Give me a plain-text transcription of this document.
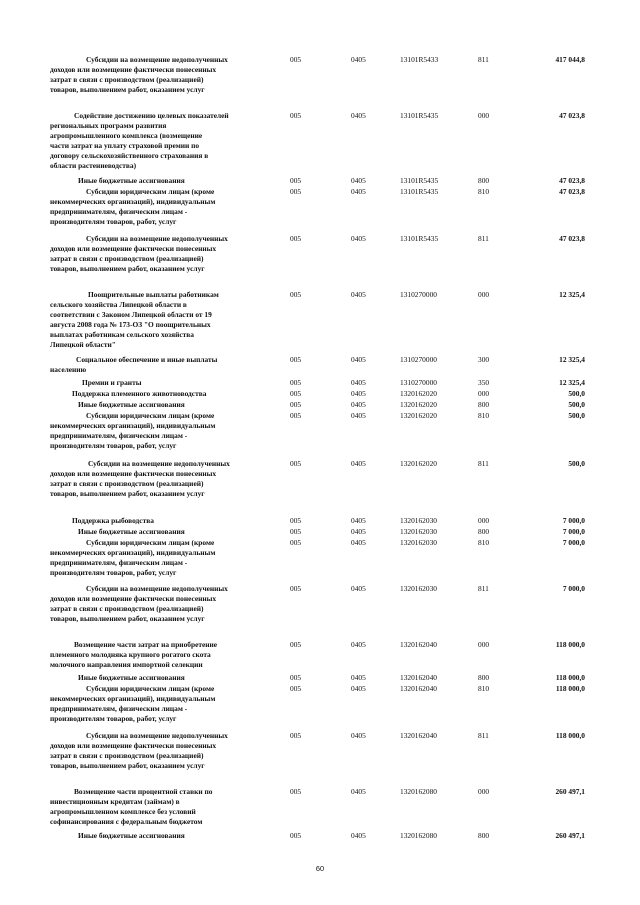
Субсидии на возмещение недополученных
доходов или возмещение фактически понесенных
затрат в связи с производством (реализацией)
товаров, выполнением работ, оказанием услуг
005	0405	13101R5433	811	417 044,8
Содействие достижению целевых показателей
региональных программ развития
агропромышленного комплекса (возмещение
части затрат на уплату страховой премии по
договору сельскохозяйственного страхования в
области растениеводства)
005	0405	13101R5435	000	47 023,8
Иные бюджетные ассигнования	005	0405	13101R5435	800	47 023,8
Субсидии юридическим лицам (кроме
некоммерческих организаций), индивидуальным
предпринимателям, физическим лицам -
производителям товаров, работ, услуг
005	0405	13101R5435	810	47 023,8
Субсидии на возмещение недополученных
доходов или возмещение фактически понесенных
затрат в связи с производством (реализацией)
товаров, выполнением работ, оказанием услуг
005	0405	13101R5435	811	47 023,8
Поощрительные выплаты работникам
сельского хозяйства Липецкой области в
соответствии с Законом Липецкой области от 19
августа 2008 года № 173-ОЗ "О поощрительных
выплатах работникам сельского хозяйства
Липецкой области"
005	0405	1310270000	000	12 325,4
Социальное обеспечение и иные выплаты
населению
005	0405	1310270000	300	12 325,4
Премии и гранты	005	0405	1310270000	350	12 325,4
Поддержка племенного животноводства	005	0405	1320162020	000	500,0
Иные бюджетные ассигнования	005	0405	1320162020	800	500,0
Субсидии юридическим лицам (кроме
некоммерческих организаций), индивидуальным
предпринимателям, физическим лицам -
производителям товаров, работ, услуг
005	0405	1320162020	810	500,0
Субсидии на возмещение недополученных
доходов или возмещение фактически понесенных
затрат в связи с производством (реализацией)
товаров, выполнением работ, оказанием услуг
005	0405	1320162020	811	500,0
Поддержка рыбоводства	005	0405	1320162030	000	7 000,0
Иные бюджетные ассигнования	005	0405	1320162030	800	7 000,0
Субсидии юридическим лицам (кроме
некоммерческих организаций), индивидуальным
предпринимателям, физическим лицам -
производителям товаров, работ, услуг
005	0405	1320162030	810	7 000,0
Субсидии на возмещение недополученных
доходов или возмещение фактически понесенных
затрат в связи с производством (реализацией)
товаров, выполнением работ, оказанием услуг
005	0405	1320162030	811	7 000,0
Возмещение части затрат на приобретение
племенного молодняка крупного рогатого скота
молочного направления импортной селекции
005	0405	1320162040	000	118 000,0
Иные бюджетные ассигнования	005	0405	1320162040	800	118 000,0
Субсидии юридическим лицам (кроме
некоммерческих организаций), индивидуальным
предпринимателям, физическим лицам -
производителям товаров, работ, услуг
005	0405	1320162040	810	118 000,0
Субсидии на возмещение недополученных
доходов или возмещение фактически понесенных
затрат в связи с производством (реализацией)
товаров, выполнением работ, оказанием услуг
005	0405	1320162040	811	118 000,0
Возмещение части процентной ставки по
инвестиционным кредитам (займам) в
агропромышленном комплексе без условий
софинансирования с федеральным бюджетом
005	0405	1320162080	000	260 497,1
Иные бюджетные ассигнования	005	0405	1320162080	800	260 497,1
60
